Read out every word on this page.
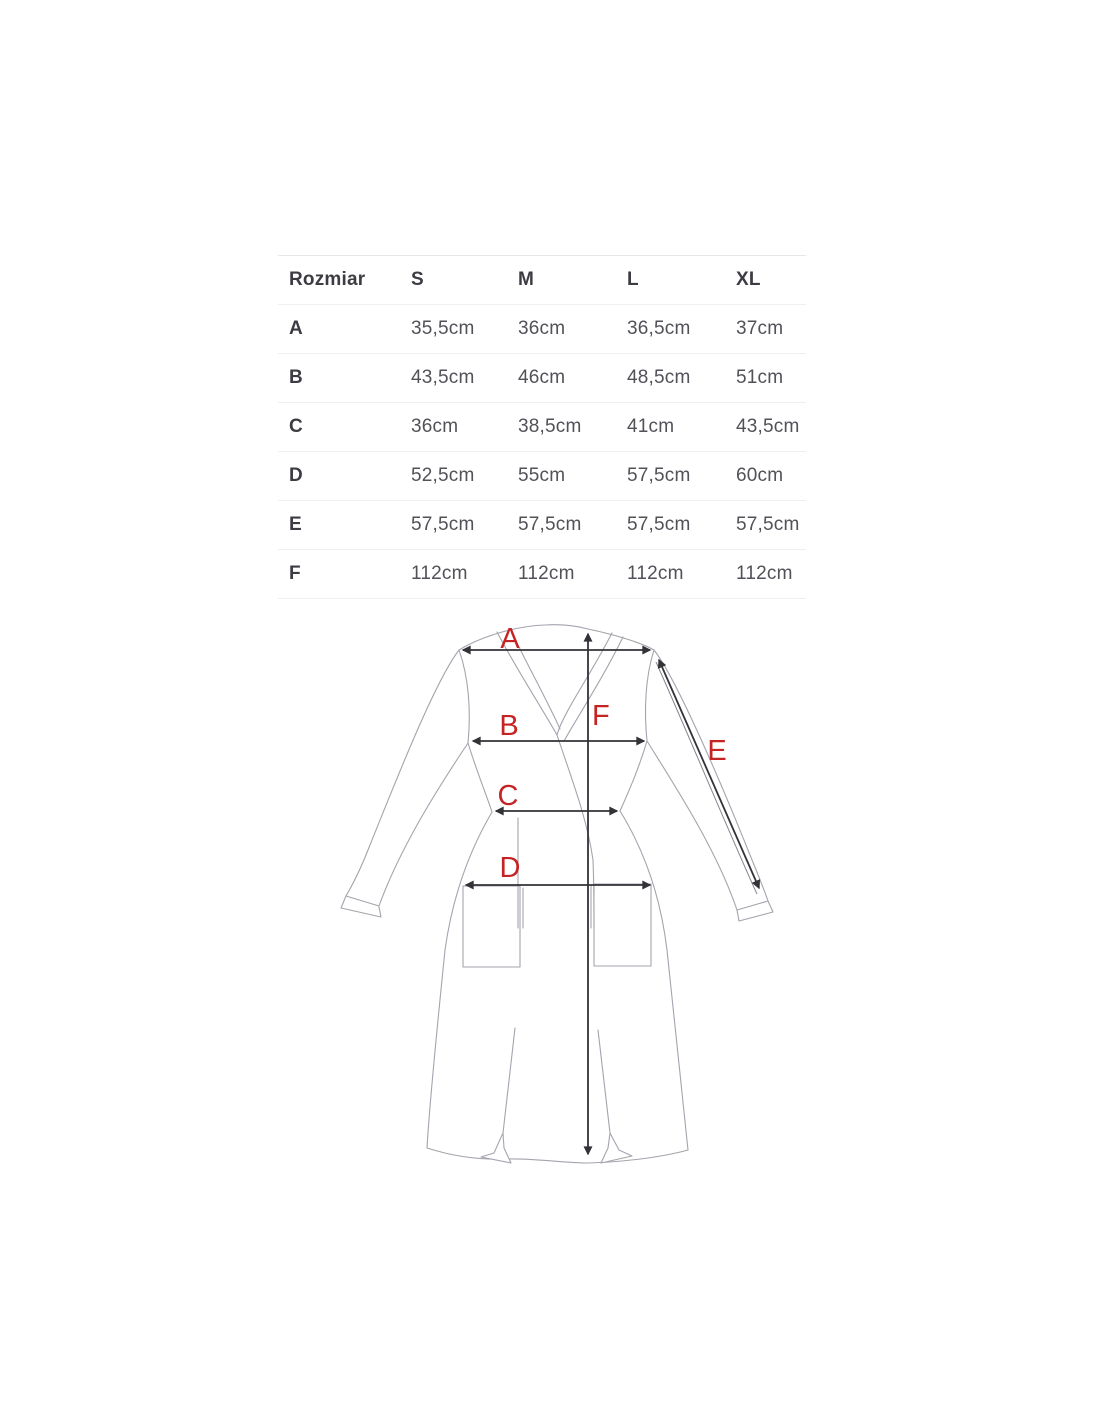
Rozmiar	S	M	L	XL
A	35,5cm	36cm	36,5cm	37cm
B	43,5cm	46cm	48,5cm	51cm
C	36cm	38,5cm	41cm	43,5cm
D	52,5cm	55cm	57,5cm	60cm
E	57,5cm	57,5cm	57,5cm	57,5cm
F	112cm	112cm	112cm	112cm
A
B
C
D
E
F
